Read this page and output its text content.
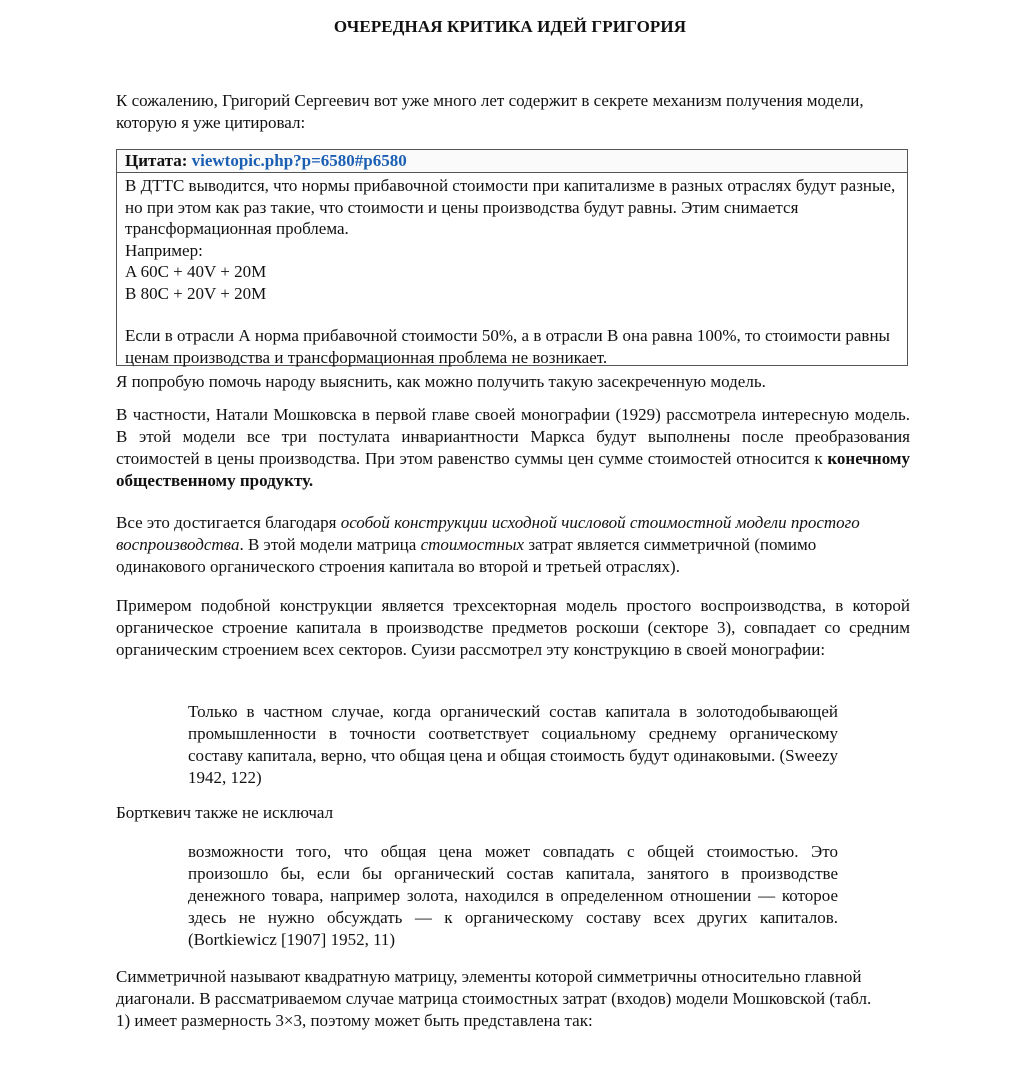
ОЧЕРЕДНАЯ КРИТИКА ИДЕЙ ГРИГОРИЯ

К сожалению, Григорий Сергеевич вот уже много лет содержит в секрете механизм получения модели, которую я уже цитировал:

Цитата: viewtopic.php?p=6580#p6580
В ДТТС выводится, что нормы прибавочной стоимости при капитализме в разных отраслях будут разные, но при этом как раз такие, что стоимости и цены производства будут равны. Этим снимается трансформационная проблема.
Например:
A 60C + 40V + 20M
B 80C + 20V + 20M
Если в отрасли А норма прибавочной стоимости 50%, а в отрасли В она равна 100%, то стоимости равны ценам производства и трансформационная проблема не возникает.

Я попробую помочь народу выяснить, как можно получить такую засекреченную модель.

В частности, Натали Мошковска в первой главе своей монографии (1929) рассмотрела интересную модель. В этой модели все три постулата инвариантности Маркса будут выполнены после преобразования стоимостей в цены производства. При этом равенство суммы цен сумме стоимостей относится к конечному общественному продукту.

Все это достигается благодаря особой конструкции исходной числовой стоимостной модели простого воспроизводства. В этой модели матрица стоимостных затрат является симметричной (помимо одинакового органического строения капитала во второй и третьей отраслях).

Примером подобной конструкции является трехсекторная модель простого воспроизводства, в которой органическое строение капитала в производстве предметов роскоши (секторе 3), совпадает со средним органическим строением всех секторов. Суизи рассмотрел эту конструкцию в своей монографии:

Только в частном случае, когда органический состав капитала в золотодобывающей промышленности в точности соответствует социальному среднему органическому составу капитала, верно, что общая цена и общая стоимость будут одинаковыми. (Sweezy 1942, 122)

Борткевич также не исключал

возможности того, что общая цена может совпадать с общей стоимостью. Это произошло бы, если бы органический состав капитала, занятого в производстве денежного товара, например золота, находился в определенном отношении — которое здесь не нужно обсуждать — к органическому составу всех других капиталов. (Bortkiewicz [1907] 1952, 11)

Симметричной называют квадратную матрицу, элементы которой симметричны относительно главной диагонали. В рассматриваемом случае матрица стоимостных затрат (входов) модели Мошковской (табл. 1) имеет размерность 3×3, поэтому может быть представлена так:
